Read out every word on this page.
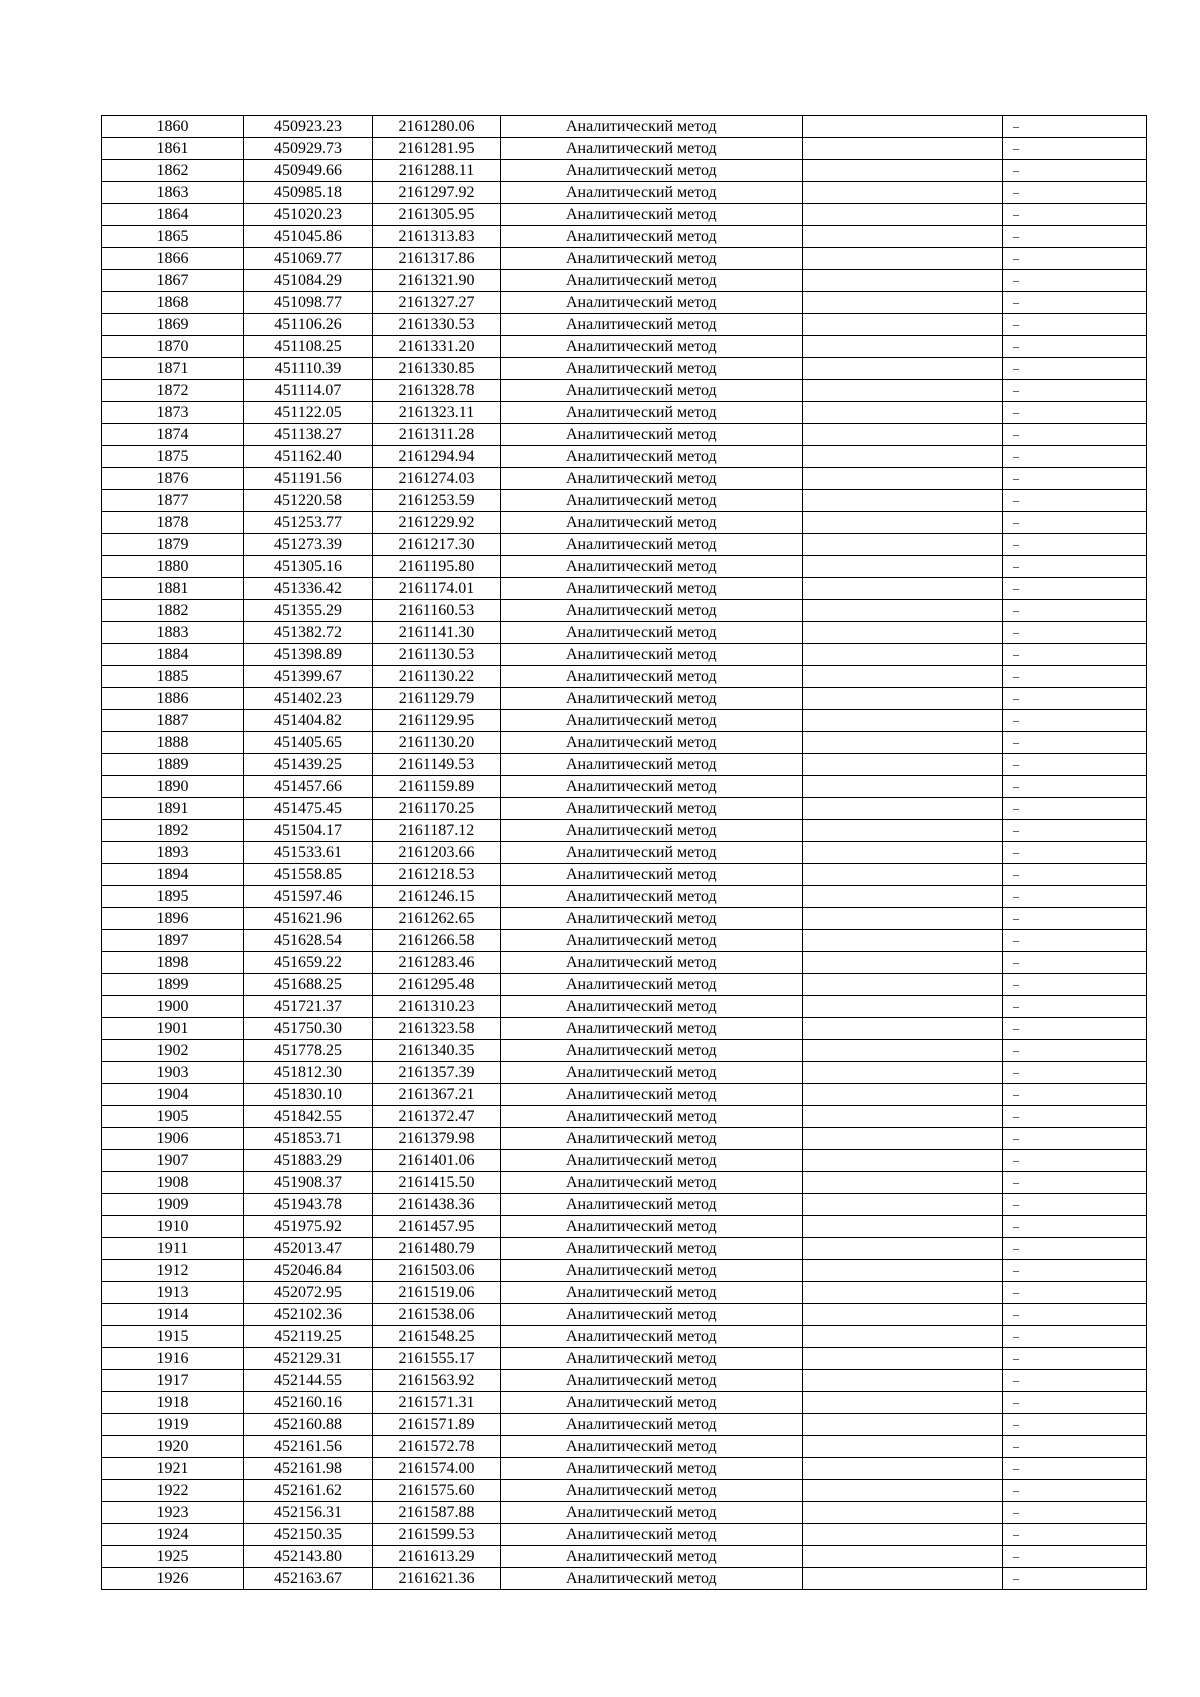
1860	450923.23	2161280.06	Аналитический метод		–
1861	450929.73	2161281.95	Аналитический метод		–
1862	450949.66	2161288.11	Аналитический метод		–
1863	450985.18	2161297.92	Аналитический метод		–
1864	451020.23	2161305.95	Аналитический метод		–
1865	451045.86	2161313.83	Аналитический метод		–
1866	451069.77	2161317.86	Аналитический метод		–
1867	451084.29	2161321.90	Аналитический метод		–
1868	451098.77	2161327.27	Аналитический метод		–
1869	451106.26	2161330.53	Аналитический метод		–
1870	451108.25	2161331.20	Аналитический метод		–
1871	451110.39	2161330.85	Аналитический метод		–
1872	451114.07	2161328.78	Аналитический метод		–
1873	451122.05	2161323.11	Аналитический метод		–
1874	451138.27	2161311.28	Аналитический метод		–
1875	451162.40	2161294.94	Аналитический метод		–
1876	451191.56	2161274.03	Аналитический метод		–
1877	451220.58	2161253.59	Аналитический метод		–
1878	451253.77	2161229.92	Аналитический метод		–
1879	451273.39	2161217.30	Аналитический метод		–
1880	451305.16	2161195.80	Аналитический метод		–
1881	451336.42	2161174.01	Аналитический метод		–
1882	451355.29	2161160.53	Аналитический метод		–
1883	451382.72	2161141.30	Аналитический метод		–
1884	451398.89	2161130.53	Аналитический метод		–
1885	451399.67	2161130.22	Аналитический метод		–
1886	451402.23	2161129.79	Аналитический метод		–
1887	451404.82	2161129.95	Аналитический метод		–
1888	451405.65	2161130.20	Аналитический метод		–
1889	451439.25	2161149.53	Аналитический метод		–
1890	451457.66	2161159.89	Аналитический метод		–
1891	451475.45	2161170.25	Аналитический метод		–
1892	451504.17	2161187.12	Аналитический метод		–
1893	451533.61	2161203.66	Аналитический метод		–
1894	451558.85	2161218.53	Аналитический метод		–
1895	451597.46	2161246.15	Аналитический метод		–
1896	451621.96	2161262.65	Аналитический метод		–
1897	451628.54	2161266.58	Аналитический метод		–
1898	451659.22	2161283.46	Аналитический метод		–
1899	451688.25	2161295.48	Аналитический метод		–
1900	451721.37	2161310.23	Аналитический метод		–
1901	451750.30	2161323.58	Аналитический метод		–
1902	451778.25	2161340.35	Аналитический метод		–
1903	451812.30	2161357.39	Аналитический метод		–
1904	451830.10	2161367.21	Аналитический метод		–
1905	451842.55	2161372.47	Аналитический метод		–
1906	451853.71	2161379.98	Аналитический метод		–
1907	451883.29	2161401.06	Аналитический метод		–
1908	451908.37	2161415.50	Аналитический метод		–
1909	451943.78	2161438.36	Аналитический метод		–
1910	451975.92	2161457.95	Аналитический метод		–
1911	452013.47	2161480.79	Аналитический метод		–
1912	452046.84	2161503.06	Аналитический метод		–
1913	452072.95	2161519.06	Аналитический метод		–
1914	452102.36	2161538.06	Аналитический метод		–
1915	452119.25	2161548.25	Аналитический метод		–
1916	452129.31	2161555.17	Аналитический метод		–
1917	452144.55	2161563.92	Аналитический метод		–
1918	452160.16	2161571.31	Аналитический метод		–
1919	452160.88	2161571.89	Аналитический метод		–
1920	452161.56	2161572.78	Аналитический метод		–
1921	452161.98	2161574.00	Аналитический метод		–
1922	452161.62	2161575.60	Аналитический метод		–
1923	452156.31	2161587.88	Аналитический метод		–
1924	452150.35	2161599.53	Аналитический метод		–
1925	452143.80	2161613.29	Аналитический метод		–
1926	452163.67	2161621.36	Аналитический метод		–
